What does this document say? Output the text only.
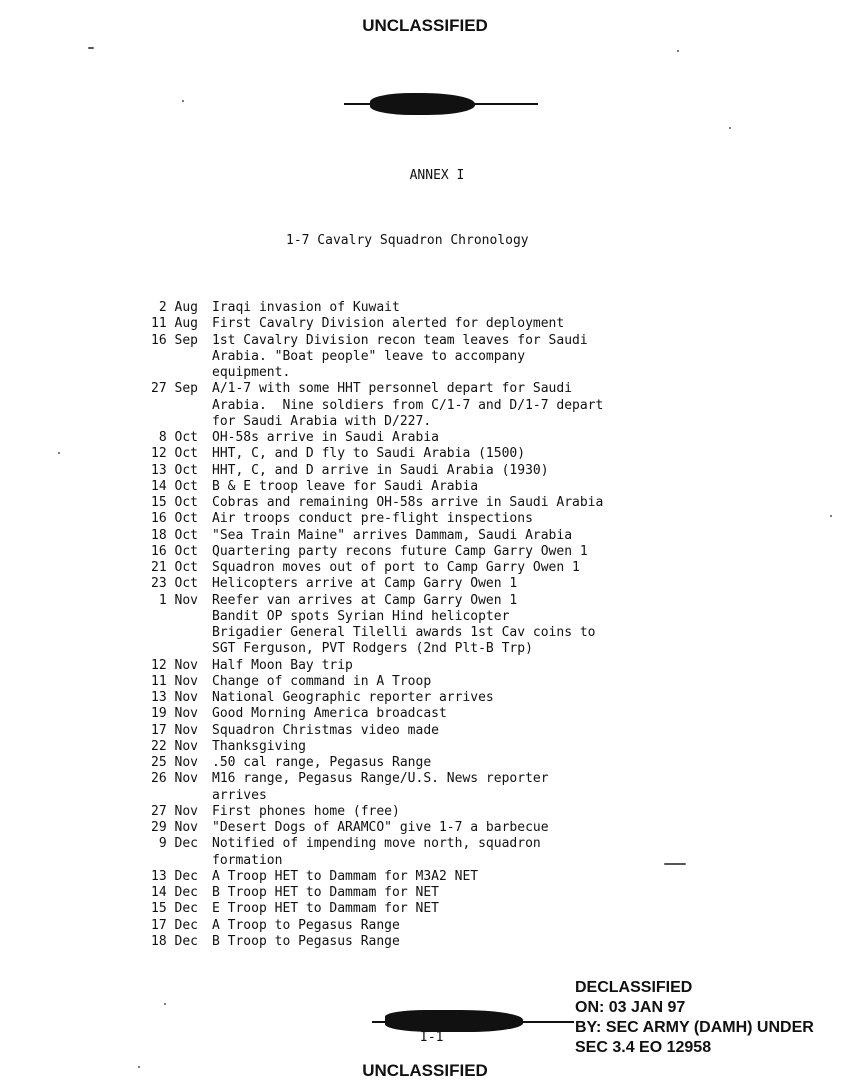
UNCLASSIFIED
ANNEX I
1-7 Cavalry Squadron Chronology
2 Aug	Iraqi invasion of Kuwait
11 Aug	First Cavalry Division alerted for deployment
16 Sep	1st Cavalry Division recon team leaves for Saudi
Arabia. "Boat people" leave to accompany
equipment.
27 Sep	A/1-7 with some HHT personnel depart for Saudi
Arabia.  Nine soldiers from C/1-7 and D/1-7 depart
for Saudi Arabia with D/227.
8 Oct	OH-58s arrive in Saudi Arabia
12 Oct	HHT, C, and D fly to Saudi Arabia (1500)
13 Oct	HHT, C, and D arrive in Saudi Arabia (1930)
14 Oct	B & E troop leave for Saudi Arabia
15 Oct	Cobras and remaining OH-58s arrive in Saudi Arabia
16 Oct	Air troops conduct pre-flight inspections
18 Oct	"Sea Train Maine" arrives Dammam, Saudi Arabia
16 Oct	Quartering party recons future Camp Garry Owen 1
21 Oct	Squadron moves out of port to Camp Garry Owen 1
23 Oct	Helicopters arrive at Camp Garry Owen 1
1 Nov	Reefer van arrives at Camp Garry Owen 1
Bandit OP spots Syrian Hind helicopter
Brigadier General Tilelli awards 1st Cav coins to
SGT Ferguson, PVT Rodgers (2nd Plt-B Trp)
12 Nov	Half Moon Bay trip
11 Nov	Change of command in A Troop
13 Nov	National Geographic reporter arrives
19 Nov	Good Morning America broadcast
17 Nov	Squadron Christmas video made
22 Nov	Thanksgiving
25 Nov	.50 cal range, Pegasus Range
26 Nov	M16 range, Pegasus Range/U.S. News reporter
arrives
27 Nov	First phones home (free)
29 Nov	"Desert Dogs of ARAMCO" give 1-7 a barbecue
9 Dec	Notified of impending move north, squadron
formation
13 Dec	A Troop HET to Dammam for M3A2 NET
14 Dec	B Troop HET to Dammam for NET
15 Dec	E Troop HET to Dammam for NET
17 Dec	A Troop to Pegasus Range
18 Dec	B Troop to Pegasus Range
I-1
DECLASSIFIED
ON: 03 JAN 97
BY: SEC ARMY (DAMH) UNDER
SEC 3.4 EO 12958
UNCLASSIFIED
